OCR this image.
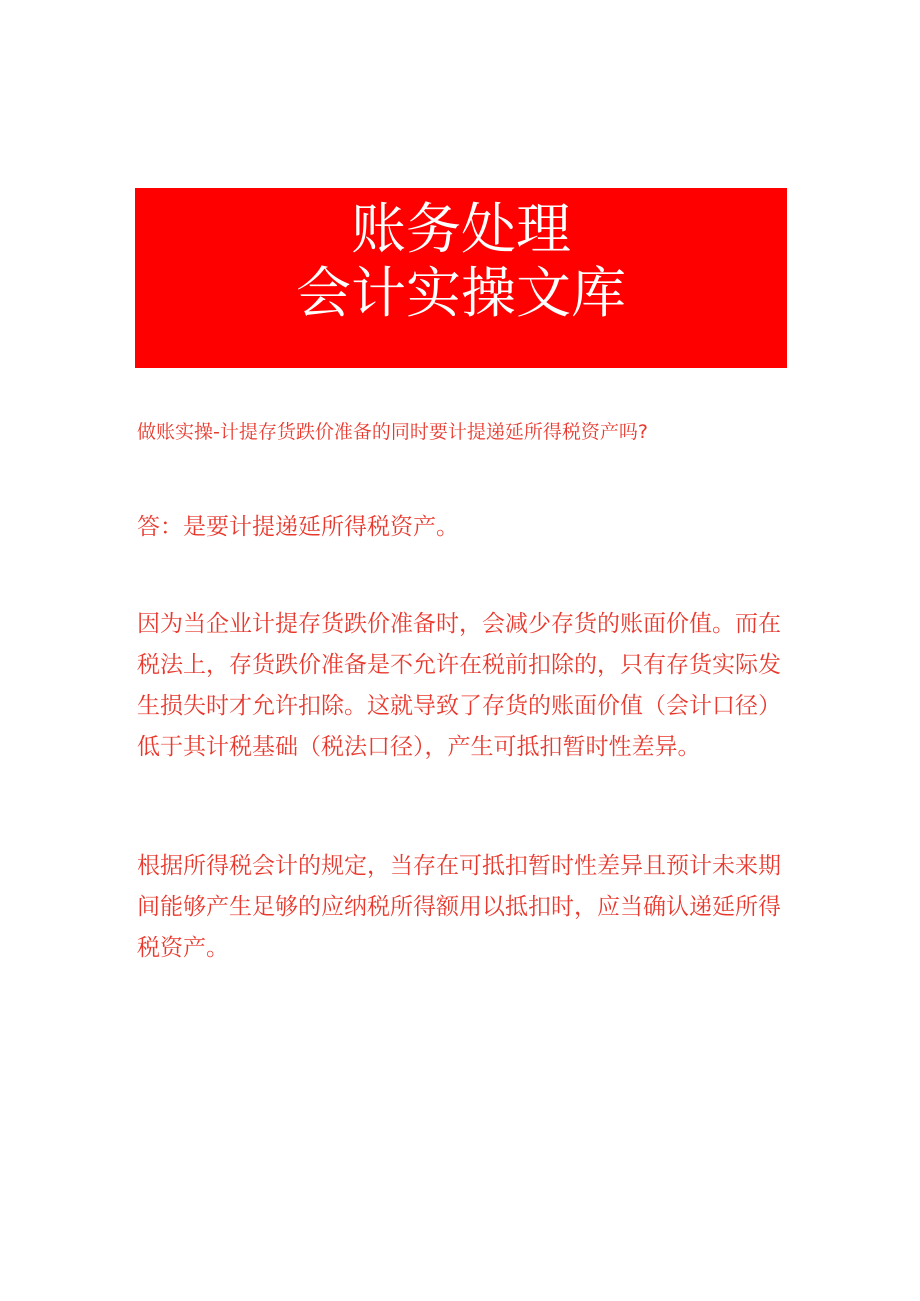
账务处理
会计实操文库
做账实操-计提存货跌价准备的同时要计提递延所得税资产吗?

答：是要计提递延所得税资产。

因为当企业计提存货跌价准备时，会减少存货的账面价值。而在税法上，存货跌价准备是不允许在税前扣除的，只有存货实际发生损失时才允许扣除。这就导致了存货的账面价值（会计口径）低于其计税基础（税法口径），产生可抵扣暂时性差异。

根据所得税会计的规定，当存在可抵扣暂时性差异且预计未来期间能够产生足够的应纳税所得额用以抵扣时，应当确认递延所得税资产。
